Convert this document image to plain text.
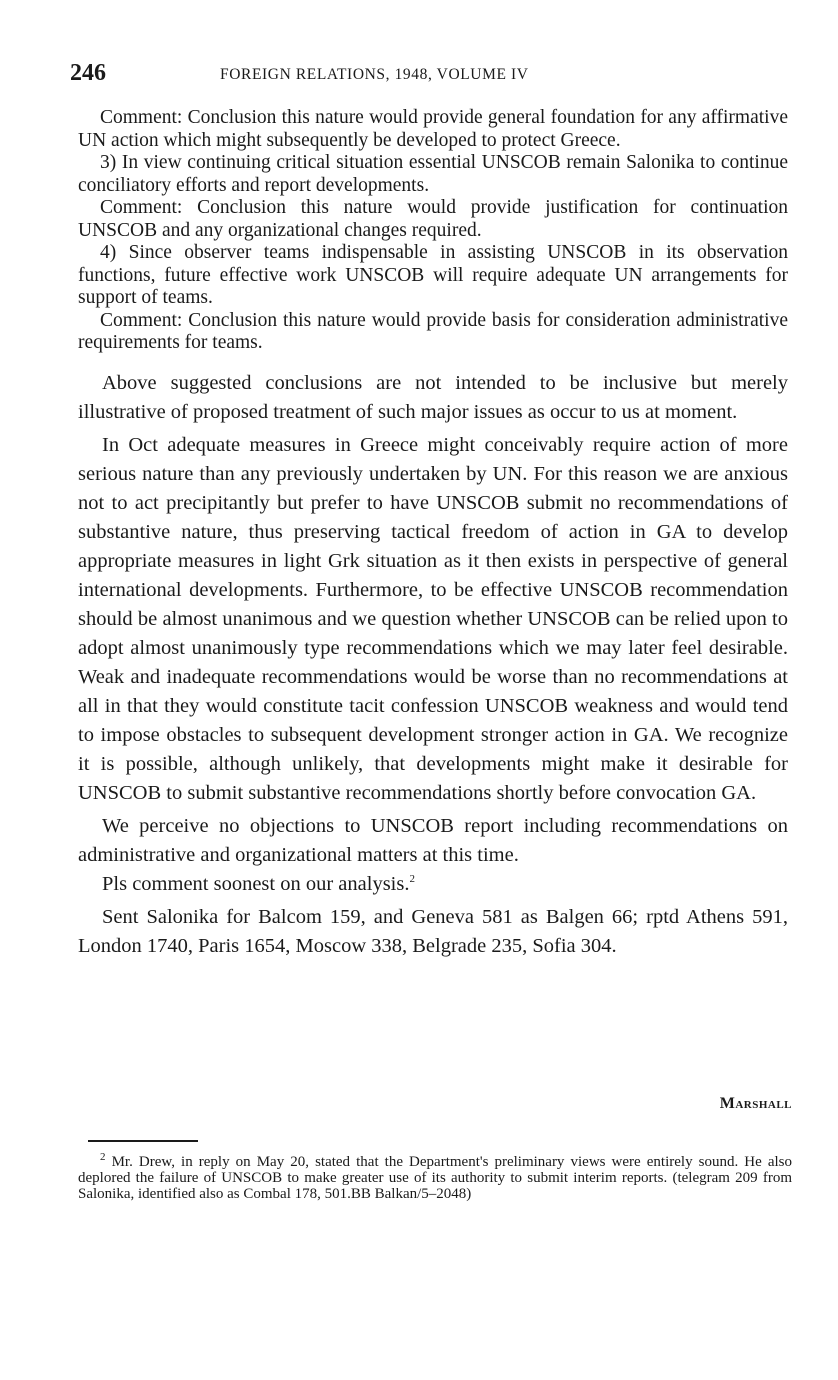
246	FOREIGN RELATIONS, 1948, VOLUME IV

Comment: Conclusion this nature would provide general foundation for any affirmative UN action which might subsequently be developed to protect Greece.

3) In view continuing critical situation essential UNSCOB remain Salonika to continue conciliatory efforts and report developments.

Comment: Conclusion this nature would provide justification for continuation UNSCOB and any organizational changes required.

4) Since observer teams indispensable in assisting UNSCOB in its observation functions, future effective work UNSCOB will require adequate UN arrangements for support of teams.

Comment: Conclusion this nature would provide basis for consideration administrative requirements for teams.

Above suggested conclusions are not intended to be inclusive but merely illustrative of proposed treatment of such major issues as occur to us at moment.

In Oct adequate measures in Greece might conceivably require action of more serious nature than any previously undertaken by UN. For this reason we are anxious not to act precipitantly but prefer to have UNSCOB submit no recommendations of substantive nature, thus preserving tactical freedom of action in GA to develop appropriate measures in light Grk situation as it then exists in perspective of general international developments. Furthermore, to be effective UNSCOB recommendation should be almost unanimous and we question whether UNSCOB can be relied upon to adopt almost unanimously type recommendations which we may later feel desirable. Weak and inadequate recommendations would be worse than no recommendations at all in that they would constitute tacit confession UNSCOB weakness and would tend to impose obstacles to subsequent development stronger action in GA. We recognize it is possible, although unlikely, that developments might make it desirable for UNSCOB to submit substantive recommendations shortly before convocation GA.

We perceive no objections to UNSCOB report including recommendations on administrative and organizational matters at this time.

Pls comment soonest on our analysis.$^2$

Sent Salonika for Balcom 159, and Geneva 581 as Balgen 66; rptd Athens 591, London 1740, Paris 1654, Moscow 338, Belgrade 235, Sofia 304.

Marshall

$^2$ Mr. Drew, in reply on May 20, stated that the Department's preliminary views were entirely sound. He also deplored the failure of UNSCOB to make greater use of its authority to submit interim reports. (telegram 209 from Salonika, identified also as Combal 178, 501.BB Balkan/5–2048)
